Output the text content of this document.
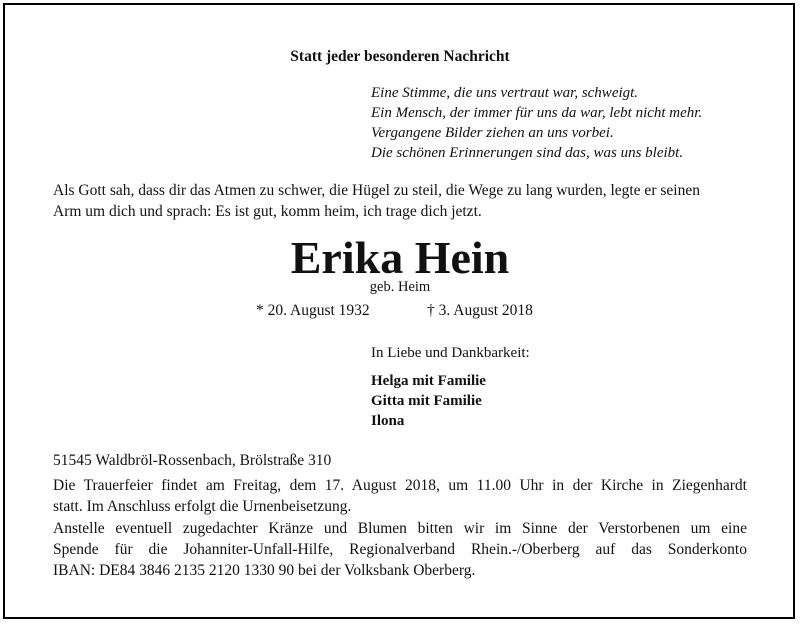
Statt jeder besonderen Nachricht
Eine Stimme, die uns vertraut war, schweigt.
Ein Mensch, der immer für uns da war, lebt nicht mehr.
Vergangene Bilder ziehen an uns vorbei.
Die schönen Erinnerungen sind das, was uns bleibt.
Als Gott sah, dass dir das Atmen zu schwer, die Hügel zu steil, die Wege zu lang wurden, legte er seinen
Arm um dich und sprach: Es ist gut, komm heim, ich trage dich jetzt.
Erika Hein
geb. Heim
* 20. August 1932	† 3. August 2018
In Liebe und Dankbarkeit:
Helga mit Familie
Gitta mit Familie
Ilona
51545 Waldbröl-Rossenbach, Brölstraße 310
Die Trauerfeier findet am Freitag, dem 17. August 2018, um 11.00 Uhr in der Kirche in Ziegenhardt
statt. Im Anschluss erfolgt die Urnenbeisetzung.
Anstelle eventuell zugedachter Kränze und Blumen bitten wir im Sinne der Verstorbenen um eine
Spende für die Johanniter-Unfall-Hilfe, Regionalverband Rhein.-/Oberberg auf das Sonderkonto
IBAN: DE84 3846 2135 2120 1330 90 bei der Volksbank Oberberg.
